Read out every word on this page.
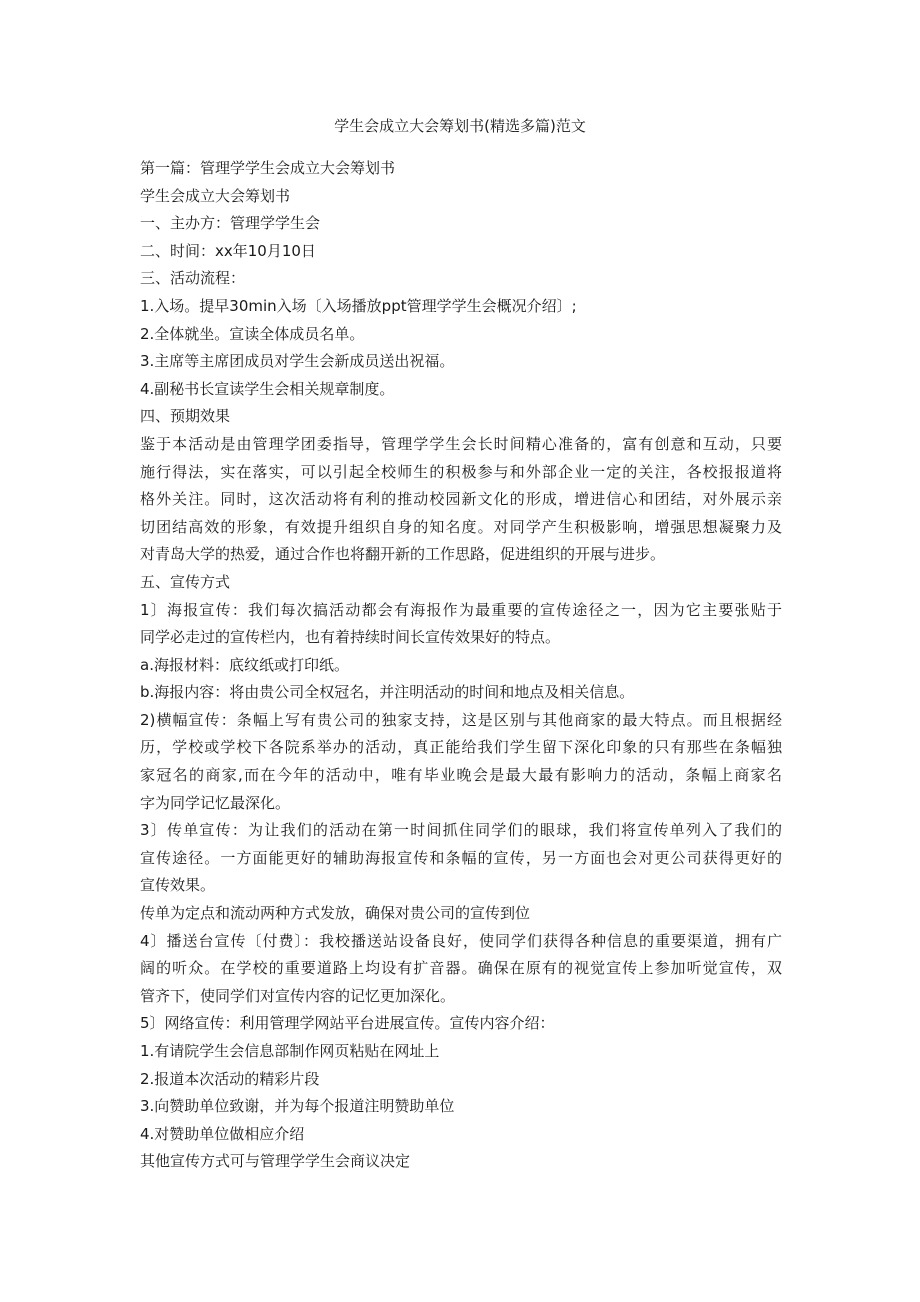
学生会成立大会筹划书(精选多篇)范文
第一篇：管理学学生会成立大会筹划书
学生会成立大会筹划书
一、主办方：管理学学生会
二、时间：xx年10月10日
三、活动流程：
1.入场。提早30min入场〔入场播放ppt管理学学生会概况介绍〕;
2.全体就坐。宣读全体成员名单。
3.主席等主席团成员对学生会新成员送出祝福。
4.副秘书长宣读学生会相关规章制度。
四、预期效果
鉴于本活动是由管理学团委指导，管理学学生会长时间精心准备的，富有创意和互动，只要
施行得法，实在落实，可以引起全校师生的积极参与和外部企业一定的关注，各校报报道将
格外关注。同时，这次活动将有利的推动校园新文化的形成，增进信心和团结，对外展示亲
切团结高效的形象，有效提升组织自身的知名度。对同学产生积极影响，增强思想凝聚力及
对青岛大学的热爱，通过合作也将翻开新的工作思路，促进组织的开展与进步。
五、宣传方式
1〕海报宣传：我们每次搞活动都会有海报作为最重要的宣传途径之一，因为它主要张贴于
同学必走过的宣传栏内，也有着持续时间长宣传效果好的特点。
a.海报材料：底纹纸或打印纸。
b.海报内容：将由贵公司全权冠名，并注明活动的时间和地点及相关信息。
2)横幅宣传：条幅上写有贵公司的独家支持，这是区别与其他商家的最大特点。而且根据经
历，学校或学校下各院系举办的活动，真正能给我们学生留下深化印象的只有那些在条幅独
家冠名的商家,而在今年的活动中，唯有毕业晚会是最大最有影响力的活动，条幅上商家名
字为同学记忆最深化。
3〕传单宣传：为让我们的活动在第一时间抓住同学们的眼球，我们将宣传单列入了我们的
宣传途径。一方面能更好的辅助海报宣传和条幅的宣传，另一方面也会对更公司获得更好的
宣传效果。
传单为定点和流动两种方式发放，确保对贵公司的宣传到位
4〕播送台宣传〔付费〕：我校播送站设备良好，使同学们获得各种信息的重要渠道，拥有广
阔的听众。在学校的重要道路上均设有扩音器。确保在原有的视觉宣传上参加听觉宣传，双
管齐下，使同学们对宣传内容的记忆更加深化。
5〕网络宣传：利用管理学网站平台进展宣传。宣传内容介绍：
1.有请院学生会信息部制作网页粘贴在网址上
2.报道本次活动的精彩片段
3.向赞助单位致谢，并为每个报道注明赞助单位
4.对赞助单位做相应介绍
其他宣传方式可与管理学学生会商议决定
